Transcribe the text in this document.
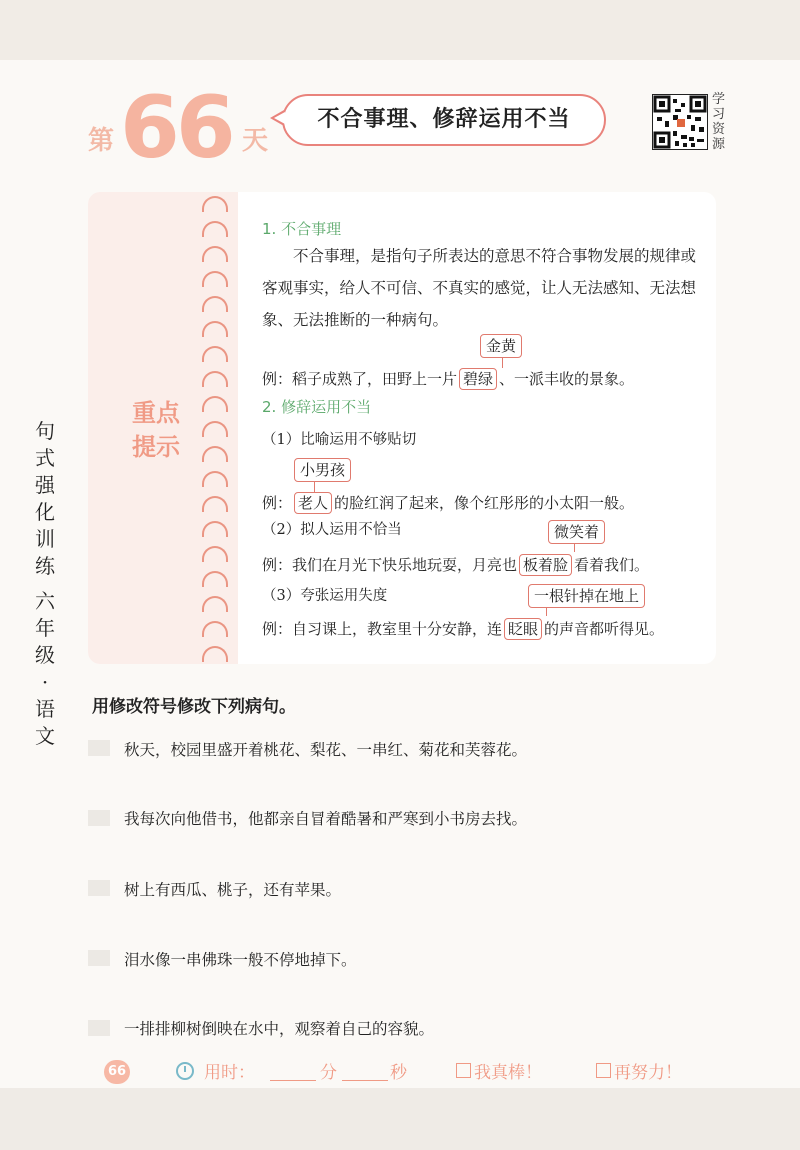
第 66 天
不合事理、修辞运用不当
学习资源
句式强化训练
六年级·语文
重点提示
1. 不合事理
不合事理，是指句子所表达的意思不符合事物发展的规律或客观事实，给人不可信、不真实的感觉，让人无法感知、无法想象、无法推断的一种病句。
金黄
例：稻子成熟了，田野上一片 碧绿 、一派丰收的景象。
2. 修辞运用不当
（1）比喻运用不够贴切
小男孩
例： 老人 的脸红润了起来，像个红彤彤的小太阳一般。
（2）拟人运用不恰当	微笑着
例：我们在月光下快乐地玩耍，月亮也 板着脸 看着我们。
（3）夸张运用失度	一根针掉在地上
例：自习课上，教室里十分安静，连 眨眼 的声音都听得见。
用修改符号修改下列病句。
秋天，校园里盛开着桃花、梨花、一串红、菊花和芙蓉花。
我每次向他借书，他都亲自冒着酷暑和严寒到小书房去找。
树上有西瓜、桃子，还有苹果。
泪水像一串佛珠一般不停地掉下。
一排排柳树倒映在水中，观察着自己的容貌。
66	用时：	分	秒	我真棒！	再努力！
